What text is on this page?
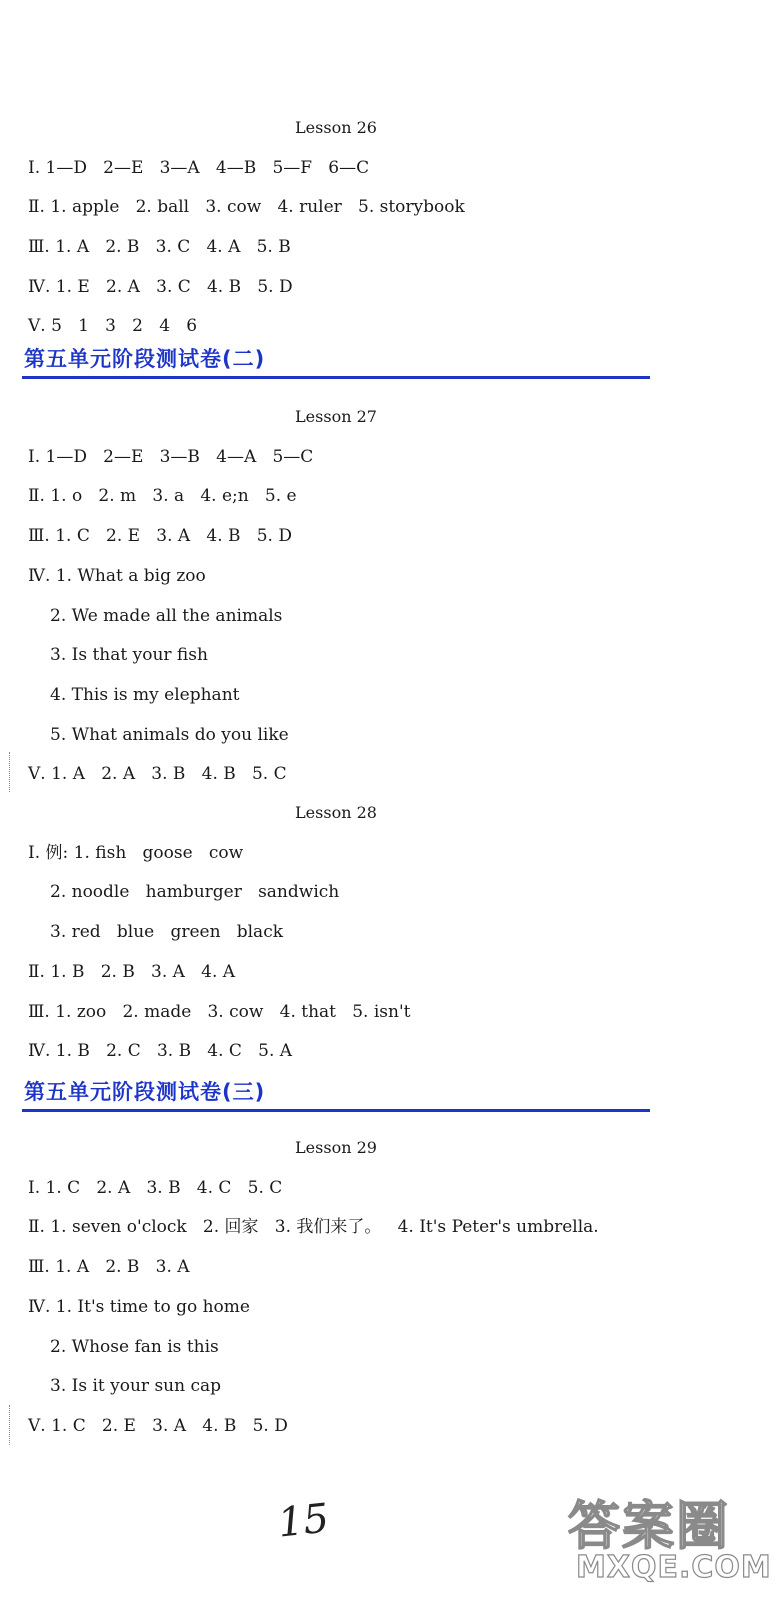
Lesson 26
Ⅰ. 1—D   2—E   3—A   4—B   5—F   6—C
Ⅱ. 1. apple   2. ball   3. cow   4. ruler   5. storybook
Ⅲ. 1. A   2. B   3. C   4. A   5. B
Ⅳ. 1. E   2. A   3. C   4. B   5. D
Ⅴ. 5   1   3   2   4   6
第五单元阶段测试卷(二)
Lesson 27
Ⅰ. 1—D   2—E   3—B   4—A   5—C
Ⅱ. 1. o   2. m   3. a   4. e;n   5. e
Ⅲ. 1. C   2. E   3. A   4. B   5. D
Ⅳ. 1. What a big zoo
2. We made all the animals
3. Is that your fish
4. This is my elephant
5. What animals do you like
Ⅴ. 1. A   2. A   3. B   4. B   5. C
Lesson 28
Ⅰ. 例: 1. fish   goose   cow
2. noodle   hamburger   sandwich
3. red   blue   green   black
Ⅱ. 1. B   2. B   3. A   4. A
Ⅲ. 1. zoo   2. made   3. cow   4. that   5. isn't
Ⅳ. 1. B   2. C   3. B   4. C   5. A
第五单元阶段测试卷(三)
Lesson 29
Ⅰ. 1. C   2. A   3. B   4. C   5. C
Ⅱ. 1. seven o'clock   2. 回家   3. 我们来了。   4. It's Peter's umbrella.
Ⅲ. 1. A   2. B   3. A
Ⅳ. 1. It's time to go home
2. Whose fan is this
3. Is it your sun cap
Ⅴ. 1. C   2. E   3. A   4. B   5. D
15	答案圈
MXQE.COM
